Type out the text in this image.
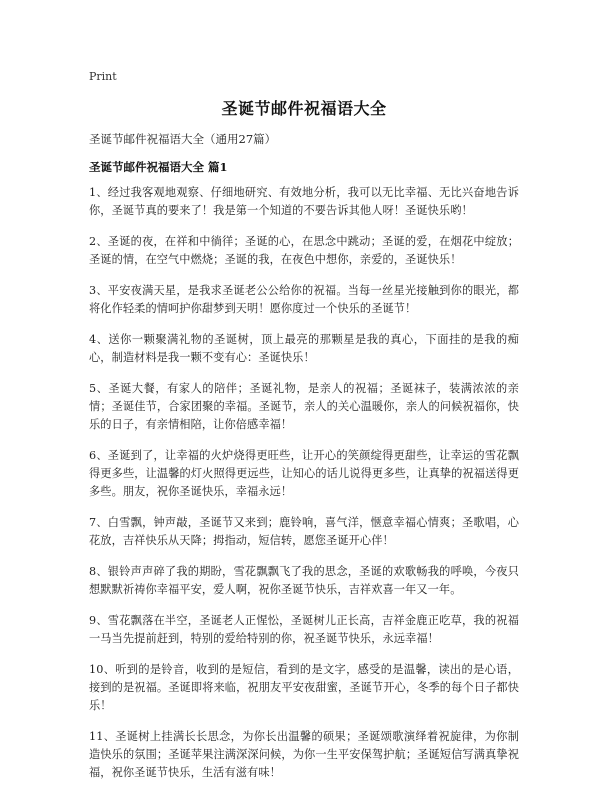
Print
圣诞节邮件祝福语大全
圣诞节邮件祝福语大全（通用27篇）
圣诞节邮件祝福语大全 篇1

1、经过我客观地观察、仔细地研究、有效地分析，我可以无比幸福、无比兴奋地告诉你，圣诞节真的要来了！我是第一个知道的不要告诉其他人呀！圣诞快乐哟！

2、圣诞的夜，在祥和中徜徉；圣诞的心，在思念中跳动；圣诞的爱，在烟花中绽放；圣诞的情，在空气中燃烧；圣诞的我，在夜色中想你，亲爱的，圣诞快乐！

3、平安夜满天星，是我求圣诞老公公给你的祝福。当每一丝星光接触到你的眼光，都将化作轻柔的情呵护你甜梦到天明！愿你度过一个快乐的圣诞节！

4、送你一颗聚满礼物的圣诞树，顶上最亮的那颗星是我的真心，下面挂的是我的痴心，制造材料是我一颗不变有心：圣诞快乐！

5、圣诞大餐，有家人的陪伴；圣诞礼物，是亲人的祝福；圣诞袜子，装满浓浓的亲情；圣诞佳节，合家团聚的幸福。圣诞节，亲人的关心温暖你，亲人的问候祝福你，快乐的日子，有亲情相陪，让你倍感幸福！

6、圣诞到了，让幸福的火炉烧得更旺些，让开心的笑颜绽得更甜些，让幸运的雪花飘得更多些，让温馨的灯火照得更远些，让知心的话儿说得更多些，让真挚的祝福送得更多些。朋友，祝你圣诞快乐，幸福永远！

7、白雪飘，钟声敲，圣诞节又来到；鹿铃响，喜气洋，惬意幸福心情爽；圣歌唱，心花放，吉祥快乐从天降；拇指动，短信转，愿您圣诞开心伴！

8、银铃声声碎了我的期盼，雪花飘飘飞了我的思念，圣诞的欢歌畅我的呼唤，今夜只想默默祈祷你幸福平安，爱人啊，祝你圣诞节快乐，吉祥欢喜一年又一年。

9、雪花飘落在半空，圣诞老人正惺忪，圣诞树儿正长高，吉祥金鹿正吃草，我的祝福一马当先提前赶到，特别的爱给特别的你，祝圣诞节快乐，永远幸福！

10、听到的是铃音，收到的是短信，看到的是文字，感受的是温馨，读出的是心语，接到的是祝福。圣诞即将来临，祝朋友平安夜甜蜜，圣诞节开心，冬季的每个日子都快乐！

11、圣诞树上挂满长长思念，为你长出温馨的硕果；圣诞颂歌演绎着祝旋律，为你制造快乐的氛围；圣诞苹果注满深深问候，为你一生平安保驾护航；圣诞短信写满真挚祝福，祝你圣诞节快乐，生活有滋有味！
